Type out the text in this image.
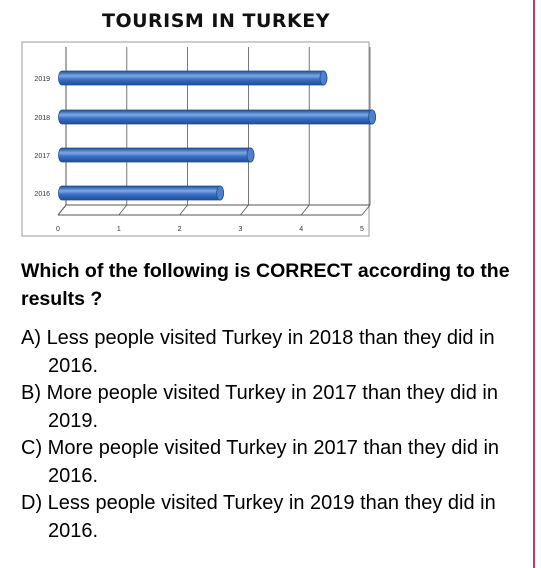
TOURISM IN TURKEY
0	1	2	3	4	5
2016
2017
2018
2019
Which of the following is CORRECT according to the results ?
A) Less people visited Turkey in 2018 than they did in 2016.
B) More people visited Turkey in 2017 than they did in 2019.
C) More people visited Turkey in 2017 than they did in 2016.
D) Less people visited Turkey in 2019 than they did in 2016.
